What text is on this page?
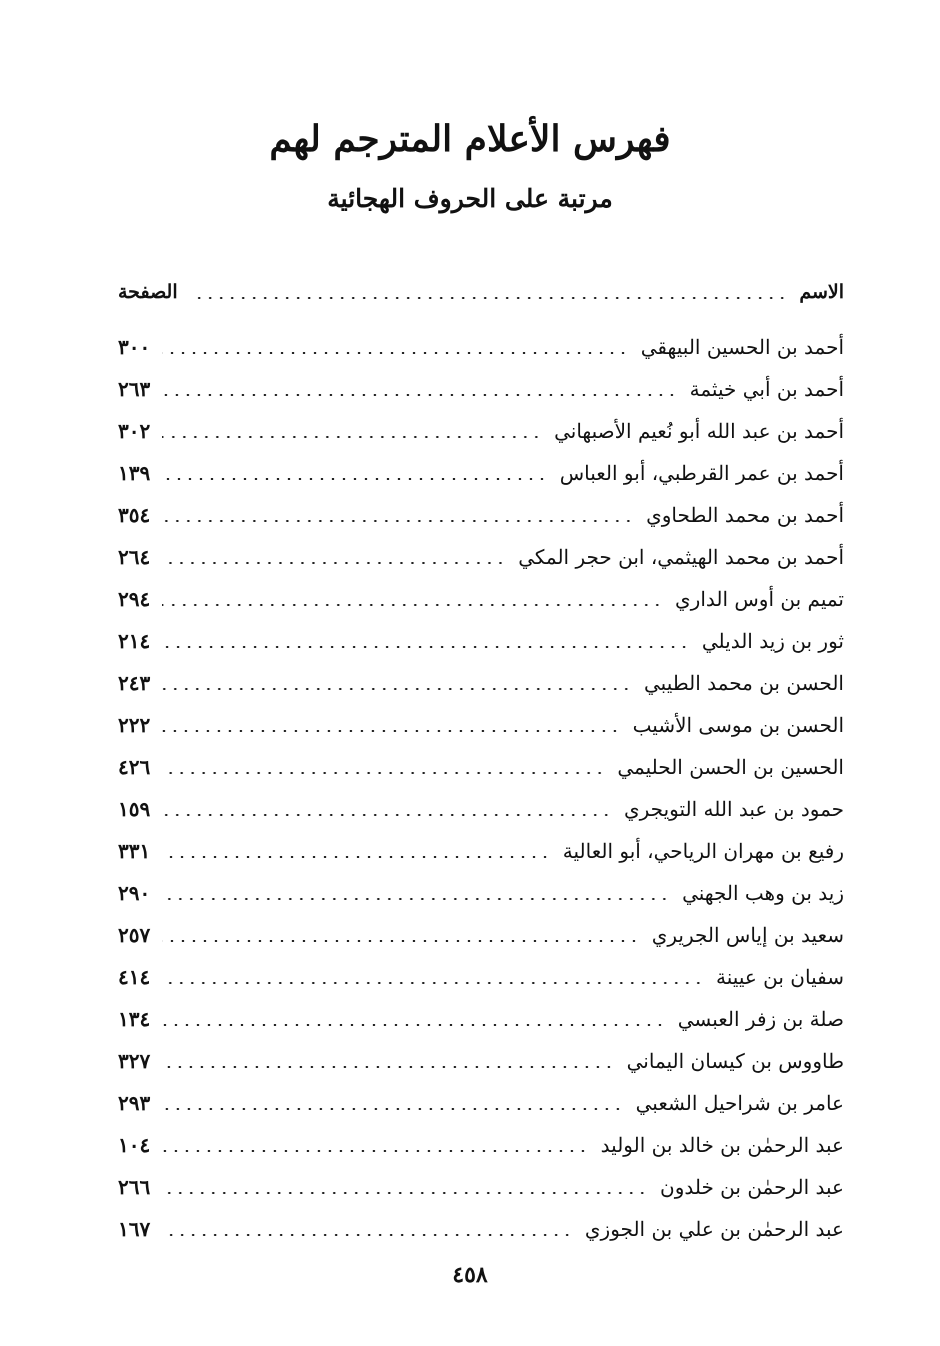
فهرس الأعلام المترجم لهم
مرتبة على الحروف الهجائية
الاسم
الصفحة
أحمد بن الحسين البيهقي
٣٠٠
أحمد بن أبي خيثمة
٢٦٣
أحمد بن عبد الله أبو نُعيم الأصبهاني
٣٠٢
أحمد بن عمر القرطبي، أبو العباس
١٣٩
أحمد بن محمد الطحاوي
٣٥٤
أحمد بن محمد الهيثمي، ابن حجر المكي
٢٦٤
تميم بن أوس الداري
٢٩٤
ثور بن زيد الديلي
٢١٤
الحسن بن محمد الطيبي
٢٤٣
الحسن بن موسى الأشيب
٢٢٢
الحسين بن الحسن الحليمي
٤٢٦
حمود بن عبد الله التويجري
١٥٩
رفيع بن مهران الرياحي، أبو العالية
٣٣١
زيد بن وهب الجهني
٢٩٠
سعيد بن إياس الجريري
٢٥٧
سفيان بن عيينة
٤١٤
صلة بن زفر العبسي
١٣٤
طاووس بن كيسان اليماني
٣٢٧
عامر بن شراحيل الشعبي
٢٩٣
عبد الرحمٰن بن خالد بن الوليد
١٠٤
عبد الرحمٰن بن خلدون
٢٦٦
عبد الرحمٰن بن علي بن الجوزي
١٦٧
٤٥٨
